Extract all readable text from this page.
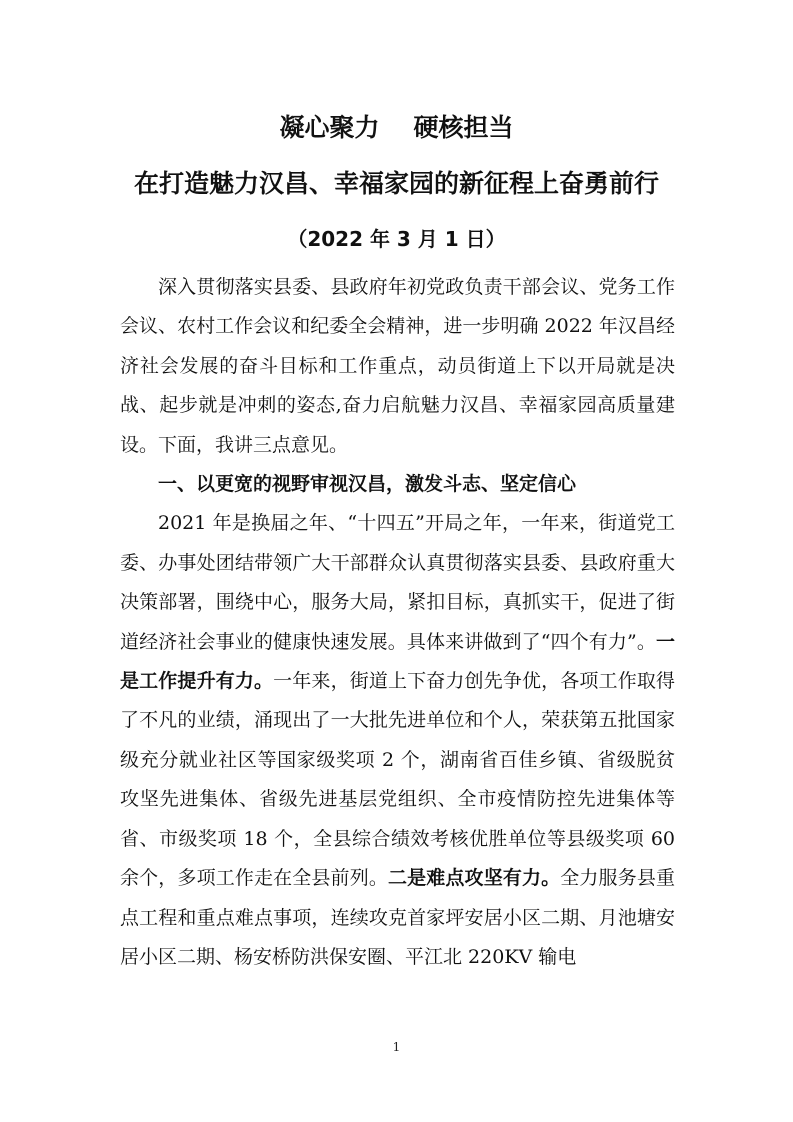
凝心聚力 硬核担当
在打造魅力汉昌、幸福家园的新征程上奋勇前行
（2022 年 3 月 1 日）

深入贯彻落实县委、县政府年初党政负责干部会议、党务工作会议、农村工作会议和纪委全会精神，进一步明确 2022 年汉昌经济社会发展的奋斗目标和工作重点，动员街道上下以开局就是决战、起步就是冲刺的姿态,奋力启航魅力汉昌、幸福家园高质量建设。下面，我讲三点意见。

一、以更宽的视野审视汉昌，激发斗志、坚定信心

2021 年是换届之年、“十四五”开局之年，一年来，街道党工委、办事处团结带领广大干部群众认真贯彻落实县委、县政府重大决策部署，围绕中心，服务大局，紧扣目标，真抓实干，促进了街道经济社会事业的健康快速发展。具体来讲做到了“四个有力”。一是工作提升有力。一年来，街道上下奋力创先争优，各项工作取得了不凡的业绩，涌现出了一大批先进单位和个人，荣获第五批国家级充分就业社区等国家级奖项 2 个，湖南省百佳乡镇、省级脱贫攻坚先进集体、省级先进基层党组织、全市疫情防控先进集体等省、市级奖项 18 个，全县综合绩效考核优胜单位等县级奖项 60 余个，多项工作走在全县前列。二是难点攻坚有力。全力服务县重点工程和重点难点事项，连续攻克首家坪安居小区二期、月池塘安居小区二期、杨安桥防洪保安圈、平江北 220KV 输电

1
